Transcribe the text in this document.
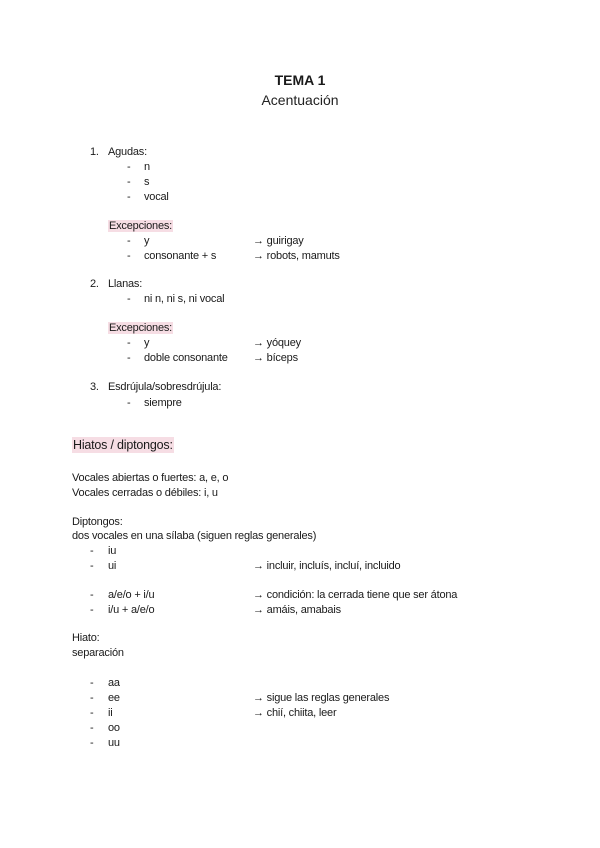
TEMA 1
Acentuación
1. Agudas:
- n
- s
- vocal
Excepciones:
- y	→ guirigay
- consonante + s	→ robots, mamuts
2. Llanas:
- ni n, ni s, ni vocal
Excepciones:
- y	→ yóquey
- doble consonante → bíceps
3. Esdrújula/sobresdrújula:
- siempre
Hiatos / diptongos:
Vocales abiertas o fuertes: a, e, o
Vocales cerradas o débiles: i, u
Diptongos:
dos vocales en una sílaba (siguen reglas generales)
- iu
- ui	→ incluir, incluís, incluí, incluido
- a/e/o + i/u	→ condición: la cerrada tiene que ser átona
- i/u + a/e/o	→ amáis, amabais
Hiato:
separación
- aa
- ee	→ sigue las reglas generales
- ii	→ chií, chiita, leer
- oo
- uu
